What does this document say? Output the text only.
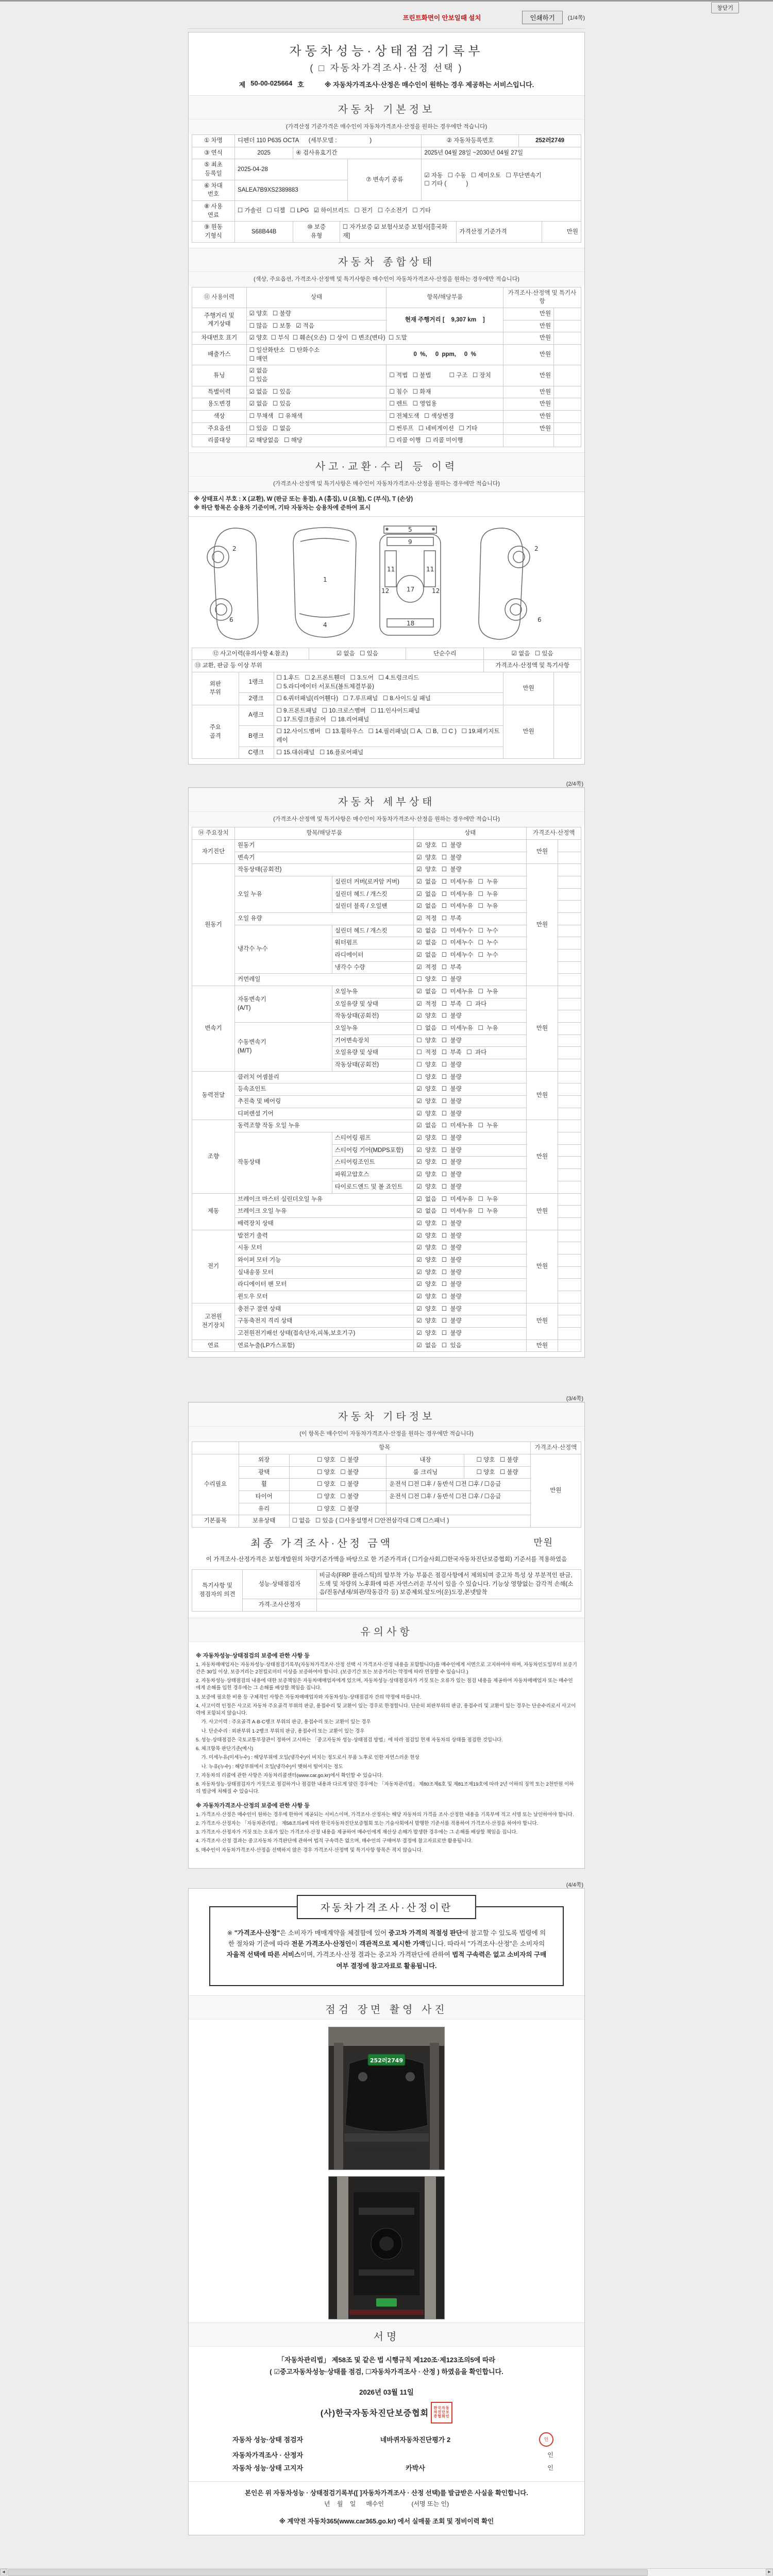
창닫기
프린트화면이 안보일때 설치	인쇄하기	(1/4쪽)
자동차성능·상태점검기록부
( □ 자동차가격조사·산정 선택 )
제 50-00-025664 호	※ 자동차가격조사·산정은 매수인이 원하는 경우 제공하는 서비스입니다.
자동차 기본정보
(가격산정 기준가격은 매수인이 자동차가격조사·산정을 원하는 경우에만 적습니다)
① 차명	디펜더 110 P635 OCTA      (세부모델 :                    )			② 자동차등록번호	252러2749
③ 연식	2025	④ 검사유효기간		2025년 04월 28일 ~2030년 04월 27일	
⑤ 최초
등록일	2025-04-28		⑦ 변속기 종류	☑ 자동   ☐ 수동   ☐ 세미오토   ☐ 무단변속기
☐ 기타 (            )	
⑥ 차대
번호	SALEA7B9XS2389883				
⑧ 사용
연료	☐ 가솔린   ☐ 디젤   ☐ LPG   ☑ 하이브리드   ☐ 전기   ☐ 수소전기   ☐ 기타				
⑨ 원동
기형식	S68B44B	⑩ 보증
유형	☐ 자가보증 ☑ 보험사보증 보험사[흥국화재]	가격산정 기준가격	만원
자동차 종합상태
(색상, 주요옵션, 가격조사·산정액 및 특기사항은 매수인이 자동차가격조사·산정을 원하는 경우에만 적습니다)
⑪ 사용이력	상태	항목/해당부품	가격조사·산정액 및 특기사항	
주행거리 및
계기상태	☑ 양호   ☐ 불량	현재 주행거리 [    9,307 km    ]	만원	
	☐ 많음   ☐ 보통   ☑ 적음		만원	
차대번호 표기	☑ 양호  ☐ 부식  ☐ 훼손(오손)  ☐ 상이  ☐ 변조(변타)  ☐ 도말		만원	
배출가스	☐ 일산화탄소   ☐ 탄화수소
☐ 매연	0  %,     0  ppm,     0  %	만원	
튜닝	☑ 없음
☐ 있음	☐ 적법   ☐ 불법           ☐ 구조   ☐ 장치	만원	
특별이력	☑ 없음   ☐ 있음	☐ 침수   ☐ 화재	만원	
용도변경	☑ 없음   ☐ 있음	☐ 렌트   ☐ 영업용	만원	
색상	☐ 무채색   ☐ 유채색	☐ 전체도색   ☐ 색상변경	만원	
주요옵션	☐ 있음   ☐ 없음	☐ 썬루프   ☐ 네비게이션   ☐ 기타	만원	
리콜대상	☑ 해당없음   ☐ 해당	☐ 리콜 이행   ☐ 리콜 미이행		
사고·교환·수리 등 이력
(가격조사·산정액 및 특기사항은 매수인이 자동차가격조사·산정을 원하는 경우에만 적습니다)
※ 상태표시 부호 : X (교환), W (판금 또는 용접), A (흠집), U (요철), C (부식), T (손상)
※ 하단 항목은 승용차 기준이며, 기타 자동차는 승용차에 준하여 표시
2
6
1
4
5
9
11	11
12	12
17
18
2
6
⑫ 사고이력(유의사항 4.참조)	☑ 없음   ☐ 있음	단순수리	☑ 없음   ☐ 있음
⑬ 교환, 판금 등 이상 부위			가격조사·산정액 및 특기사항
외판
부위	1랭크	☐ 1.후드   ☐ 2.프론트휀더   ☐ 3.도어   ☐ 4.트렁크리드
☐ 5.라디에이터 서포트(볼트체결부품)	만원	
	2랭크	☐ 6.쿼터패널(리어휀다)   ☐ 7.루프패널   ☐ 8.사이드실 패널		
주요
골격	A랭크	☐ 9.프론트패널   ☐ 10.크로스멤버   ☐ 11.인사이드패널
☐ 17.트렁크플로어   ☐ 18.리어패널	만원	
	B랭크	☐ 12.사이드멤버   ☐ 13.휠하우스   ☐ 14.필러패널( ☐ A,  ☐ B,  ☐ C )   ☐ 19.패키지트레이		
	C랭크	☐ 15.대쉬패널   ☐ 16.플로어패널		
(2/4쪽)
자동차 세부상태
(가격조사·산정액 및 특기사항은 매수인이 자동차가격조사·산정을 원하는 경우에만 적습니다)
⑭ 주요장치	항목/해당부품		상태	가격조사·산정액	
자기진단	원동기		☑  양호   ☐  불량	만원	
	변속기		☑  양호   ☐  불량		
원동기	작동상태(공회전)		☑  양호   ☐  불량	만원	
	오일 누유	실린더 커버(로커암 커버)	☑  없음   ☐  미세누유   ☐  누유		
		실린더 헤드 / 개스킷	☑  없음   ☐  미세누유   ☐  누유		
		실린더 블록 / 오일팬	☑  없음   ☐  미세누유   ☐  누유		
	오일 유량		☑  적정   ☐  부족		
	냉각수 누수	실린더 헤드 / 개스킷	☑  없음   ☐  미세누수   ☐  누수		
		워터펌프	☑  없음   ☐  미세누수   ☐  누수		
		라디에이터	☑  없음   ☐  미세누수   ☐  누수		
		냉각수 수량	☑  적정   ☐  부족		
	커먼레일		☐  양호   ☐  불량		
변속기	자동변속기
(A/T)	오일누유	☑  없음   ☐  미세누유   ☐  누유	만원	
		오일유량 및 상태	☑  적정   ☐  부족   ☐  과다		
		작동상태(공회전)	☑  양호   ☐  불량		
	수동변속기
(M/T)	오일누유	☐  없음   ☐  미세누유   ☐  누유		
		기어변속장치	☐  양호   ☐  불량		
		오일유량 및 상태	☐  적정   ☐  부족   ☐  과다		
		작동상태(공회전)	☐  양호   ☐  불량		
동력전달	클러치 어셈블리		☐  양호   ☐  불량	만원	
	등속죠인트		☑  양호   ☐  불량		
	추진축 및 베어링		☑  양호   ☐  불량		
	디퍼렌셜 기어		☑  양호   ☐  불량		
조향	동력조향 작동 오일 누유		☑  없음   ☐  미세누유   ☐  누유	만원	
	작동상태	스티어링 펌프	☑  양호   ☐  불량		
		스티어링 기어(MDPS포함)	☑  양호   ☐  불량		
		스티어링조인트	☑  양호   ☐  불량		
		파워고압호스	☑  양호   ☐  불량		
		타이로드엔드 및 볼 죠인트	☑  양호   ☐  불량		
제동	브레이크 마스터 실린더오일 누유		☑  없음   ☐  미세누유   ☐  누유	만원	
	브레이크 오일 누유		☑  없음   ☐  미세누유   ☐  누유		
	배력장치 상태		☑  양호   ☐  불량		
전기	발전기 출력		☑  양호   ☐  불량	만원	
	시동 모터		☑  양호   ☐  불량		
	와이퍼 모터 기능		☑  양호   ☐  불량		
	실내송풍 모터		☑  양호   ☐  불량		
	라디에이터 팬 모터		☑  양호   ☐  불량		
	윈도우 모터		☑  양호   ☐  불량		
고전원
전기장치	충전구 절연 상태		☑  양호   ☐  불량	만원	
	구동축전지 격리 상태		☑  양호   ☐  불량		
	고전원전기배선 상태(접속단자,피복,보호기구)		☑  양호   ☐  불량		
연료	연료누출(LP가스포함)		☑  없음   ☐  있음	만원	
(3/4쪽)
자동차 기타정보
(이 항목은 매수인이 자동차가격조사·산정을 원하는 경우에만 적습니다)
	항목				가격조사·산정액
수리필요	외장	☐ 양호   ☐ 불량	내장	☐ 양호   ☐ 불량	만원
	광택	☐ 양호   ☐ 불량	룸 크리닝	☐ 양호   ☐ 불량	
	휠	☐ 양호   ☐ 불량	운전석 ☐전 ☐후 / 동반석 ☐전 ☐후 / ☐응급		
	타이어	☐ 양호   ☐ 불량	운전석 ☐전 ☐후 / 동반석 ☐전 ☐후 / ☐응급		
	유리	☐ 양호   ☐ 불량			
기본품목	보유상태	☐ 없음   ☐ 있음 ( ☐사용설명서 ☐안전삼각대 ☐잭 ☐스패너 )			
최종 가격조사·산정 금액	만원
이 가격조사·산정가격은 보험개발원의 차량기준가액을 바탕으로 한 기준가격과 ( ☐기술사회,☐한국자동차진단보증협회) 기준서를 적용하였음
특기사항 및
점검자의 의견	성능·상태점검자	비금속(FRP 플라스틱)의 탈부착 가능 부품은 점검사항에서 제외되며 중고차 특성 상 부분적인 판금, 도색 및 차량의 노후화에 따른 자연스러운 부식이 있을 수 있습니다. 기능상 영향없는 감각적 손해(소음/진동/냄새/외관/작동감각 등) 보증제외.앞도어(운)도장,본넷탈착
	가격·조사산정자	
유의사항
※ 자동차성능·상태점검의 보증에 관한 사항 등
1. 자동차매매업자는 자동차성능·상태점검기록부(자동차가격조사·산정 선택 시 가격조사·산정 내용을 포함합니다)를 매수인에게 서면으로 고지하여야 하며, 자동차인도일부터 보증기간은 30일 이상, 보증거리는 2천킬로미터 이상을 보증하여야 합니다. (보증기간 또는 보증거리는 약정에 따라 연장할 수 있습니다.)
2. 자동차성능·상태점검의 내용에 대한 보증책임은 자동차매매업자에게 있으며, 자동차성능·상태점검자가 거짓 또는 오류가 있는 점검 내용을 제공하여 자동차매매업자 또는 매수인에게 손해를 입힌 경우에는 그 손해를 배상할 책임을 집니다.
3. 보증에 필요한 비용 등 구체적인 사항은 자동차매매업자와 자동차성능·상태점검자 간의 약정에 따릅니다.
4. 사고이력 인정은 사고로 자동차 주요골격 부위의 판금, 용접수리 및 교환이 있는 경우로 한정합니다. 단순히 외판부위의 판금, 용접수리 및 교환이 있는 경우는 단순수리로서 사고이력에 포함되지 않습니다.
가. 사고이력 : 주요골격 A·B·C랭크 부위의 판금, 용접수리 또는 교환이 있는 경우
나. 단순수리 : 외판부위 1·2랭크 부위의 판금, 용접수리 또는 교환이 있는 경우
5. 성능·상태점검은 국토교통부장관이 정하여 고시하는 「중고자동차 성능·상태점검 방법」에 따라 점검일 현재 자동차의 상태를 점검한 것입니다.
6. 체크항목 판단기준(예시)
가. 미세누유(미세누수) : 해당부위에 오일(냉각수)이 비치는 정도로서 부품 노후로 인한 자연스러운 현상
나. 누유(누수) : 해당부위에서 오일(냉각수)이 맺혀서 떨어지는 정도
7. 자동차의 리콜에 관한 사항은 자동차리콜센터(www.car.go.kr)에서 확인할 수 있습니다.
8. 자동차성능·상태점검자가 거짓으로 점검하거나 점검한 내용과 다르게 알린 경우에는 「자동차관리법」 제80조제6호 및 제81조제19호에 따라 2년 이하의 징역 또는 2천만원 이하의 벌금에 처해질 수 있습니다.
※ 자동차가격조사·산정의 보증에 관한 사항 등
1. 가격조사·산정은 매수인이 원하는 경우에 한하여 제공되는 서비스이며, 가격조사·산정자는 해당 자동차의 가격을 조사·산정한 내용을 기록부에 적고 서명 또는 날인하여야 합니다.
2. 가격조사·산정자는 「자동차관리법」 제58조의4에 따라 한국자동차진단보증협회 또는 기술사회에서 발행한 기준서를 적용하여 가격조사·산정을 하여야 합니다.
3. 가격조사·산정자가 거짓 또는 오류가 있는 가격조사·산정 내용을 제공하여 매수인에게 재산상 손해가 발생한 경우에는 그 손해를 배상할 책임을 집니다.
4. 가격조사·산정 결과는 중고자동차 가격판단에 관하여 법적 구속력은 없으며, 매수인의 구매여부 결정에 참고자료로만 활용됩니다.
5. 매수인이 자동차가격조사·산정을 선택하지 않은 경우 가격조사·산정액 및 특기사항 항목은 적지 않습니다.
(4/4쪽)
자동차가격조사·산정이란
※ "가격조사·산정"은 소비자가 매매계약을 체결함에 있어 중고차 가격의 적절성 판단에 참고할 수 있도록 법령에 의한 절차와 기준에 따라 전문 가격조사·산정인이 객관적으로 제시한 가액입니다. 따라서 "가격조사·산정"은 소비자의 자율적 선택에 따른 서비스이며, 가격조사·산정 결과는 중고차 가격판단에 관하여 법적 구속력은 없고 소비자의 구매여부 결정에 참고자료로 활용됩니다.
점검 장면 촬영 사진
252러2749
서명
「자동차관리법」 제58조 및 같은 법 시행규칙 제120조·제123조의5에 따라
( ☑중고자동차성능·상태를 점검, ☐자동차가격조사 · 산정 ) 하였음을 확인합니다.
2026년 03월 11일
(사)한국자동차진단보증협회
한국자동차진단보증협회인
자동차 성능·상태 점검자	네바퀴자동차진단평가 2	인
자동차가격조사 · 산정자	인
자동차 성능·상태 고지자	카박사	인
본인은 위 자동차성능 · 상태점검기록부([ ]자동차가격조사 · 산정 선택)를 발급받은 사실을 확인합니다.
년    월    일      매수인                (서명 또는 인)
※ 계약전 자동차365(www.car365.go.kr) 에서 실매물 조회 및 정비이력 확인
◀	▶
